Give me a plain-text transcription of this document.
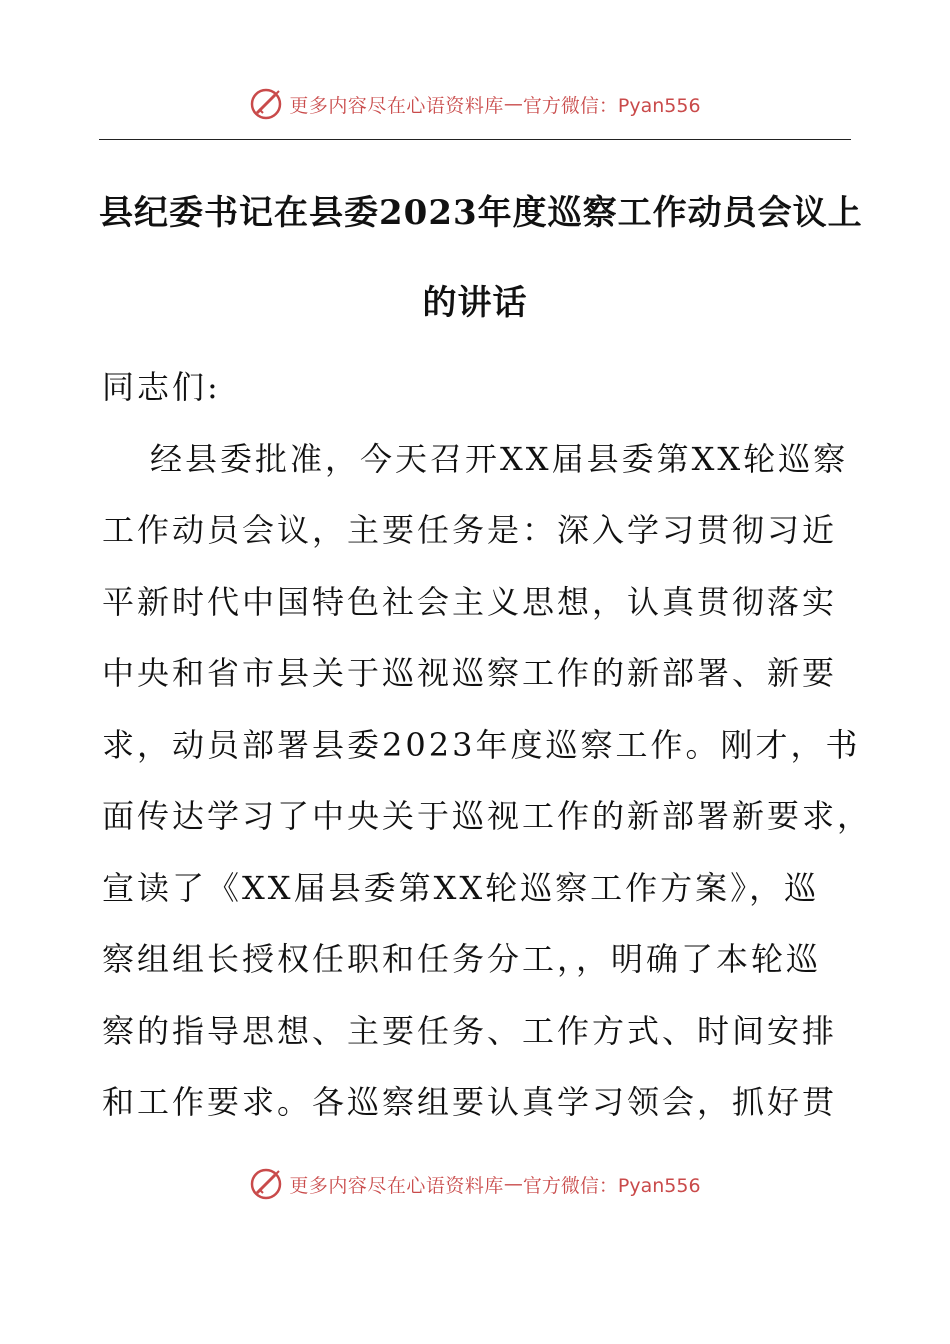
更多内容尽在心语资料库 — 官方微信：Pyan556
县纪委书记在县委2023年度巡察工作动员会议上
的讲话
同志们:
经县委批准，今天召开XX届县委第XX轮巡察
工作动员会议，主要任务是：深入学习贯彻习近
平新时代中国特色社会主义思想，认真贯彻落实
中央和省市县关于巡视巡察工作的新部署、新要
求，动员部署县委2023年度巡察工作。刚才，书
面传达学习了中央关于巡视工作的新部署新要求，
宣读了《XX届县委第XX轮巡察工作方案》，巡
察组组长授权任职和任务分工，，明确了本轮巡
察的指导思想、主要任务、工作方式、时间安排
和工作要求。各巡察组要认真学习领会，抓好贯
更多内容尽在心语资料库 — 官方微信：Pyan556
